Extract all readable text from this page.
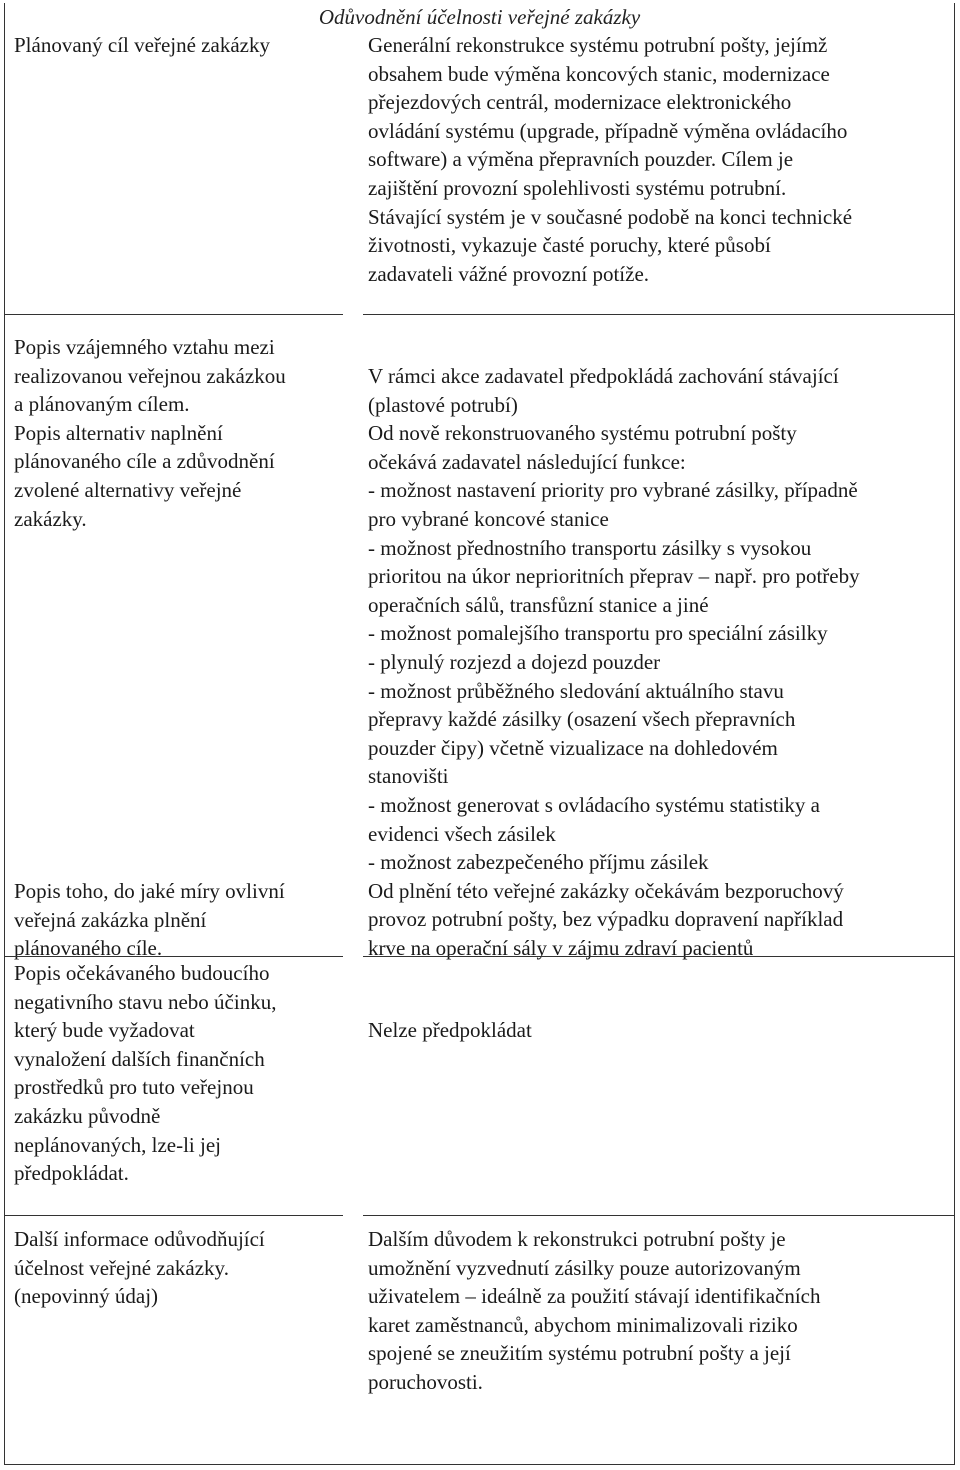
Odůvodnění účelnosti veřejné zakázky
Plánovaný cíl veřejné zakázky	Generální rekonstrukce systému potrubní pošty, jejímž
obsahem bude výměna koncových stanic, modernizace
přejezdových centrál, modernizace elektronického
ovládání systému (upgrade, případně výměna ovládacího
software) a výměna přepravních pouzder. Cílem je
zajištění provozní spolehlivosti systému potrubní.
Stávající systém je v současné podobě na konci technické
životnosti, vykazuje časté poruchy, které působí
zadavateli vážné provozní potíže.
Popis vzájemného vztahu mezi
realizovanou veřejnou zakázkou
a plánovaným cílem.
Popis alternativ naplnění
plánovaného cíle a zdůvodnění
zvolené alternativy veřejné
zakázky.
Popis toho, do jaké míry ovlivní
veřejná zakázka plnění
plánovaného cíle.
V rámci akce zadavatel předpokládá zachování stávající
(plastové potrubí)
Od nově rekonstruovaného systému potrubní pošty
očekává zadavatel následující funkce:
- možnost nastavení priority pro vybrané zásilky, případně
pro vybrané koncové stanice
- možnost přednostního transportu zásilky s vysokou
prioritou na úkor neprioritních přeprav – např. pro potřeby
operačních sálů, transfůzní stanice a jiné
- možnost pomalejšího transportu pro speciální zásilky
- plynulý rozjezd a dojezd pouzder
- možnost průběžného sledování aktuálního stavu
přepravy každé zásilky (osazení všech přepravních
pouzder čipy) včetně vizualizace na dohledovém
stanovišti
- možnost generovat s ovládacího systému statistiky a
evidenci všech zásilek
- možnost zabezpečeného příjmu zásilek
Od plnění této veřejné zakázky očekávám bezporuchový
provoz potrubní pošty, bez výpadku dopravení například
krve na operační sály v zájmu zdraví pacientů
Popis očekávaného budoucího
negativního stavu nebo účinku,
který bude vyžadovat
vynaložení dalších finančních
prostředků pro tuto veřejnou
zakázku původně
neplánovaných, lze-li jej
předpokládat.
Nelze předpokládat
Další informace odůvodňující
účelnost veřejné zakázky.
(nepovinný údaj)
Dalším důvodem k rekonstrukci potrubní pošty je
umožnění vyzvednutí zásilky pouze autorizovaným
uživatelem – ideálně za použití stávají identifikačních
karet zaměstnanců, abychom minimalizovali riziko
spojené se zneužitím systému potrubní pošty a její
poruchovosti.
